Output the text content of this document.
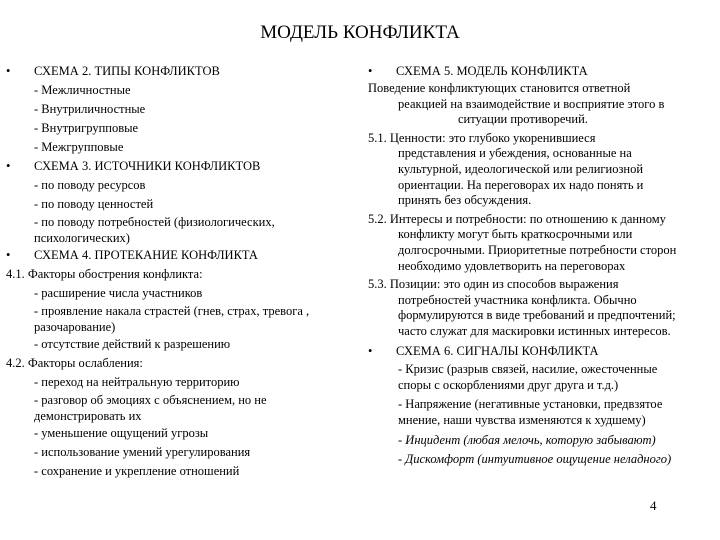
МОДЕЛЬ КОНФЛИКТА
• СХЕМА 2. ТИПЫ КОНФЛИКТОВ
- Межличностные
- Внутриличностные
- Внутригрупповые
- Межгрупповые
• СХЕМА 3. ИСТОЧНИКИ КОНФЛИКТОВ
- по поводу ресурсов
- по поводу ценностей
- по поводу потребностей (физиологических,
психологических)
• СХЕМА 4. ПРОТЕКАНИЕ КОНФЛИКТА
4.1. Факторы обострения конфликта:
- расширение числа участников
- проявление накала страстей (гнев, страх, тревога ,
разочарование)
- отсутствие действий к разрешению
4.2. Факторы ослабления:
- переход на нейтральную территорию
- разговор об эмоциях с объяснением, но не
демонстрировать их
- уменьшение ощущений угрозы
- использование умений урегулирования
- сохранение и укрепление отношений
• СХЕМА 5. МОДЕЛЬ КОНФЛИКТА
Поведение конфликтующих становится ответной
реакцией на взаимодействие и восприятие этого в
ситуации противоречий.
5.1. Ценности: это глубоко укоренившиеся
представления и убеждения, основанные на
культурной, идеологической или религиозной
ориентации. На переговорах их надо понять и
принять без обсуждения.
5.2. Интересы и потребности: по отношению к данному
конфликту могут быть краткосрочными или
долгосрочными. Приоритетные потребности сторон
необходимо удовлетворить на переговорах
5.3. Позиции: это один из способов выражения
потребностей участника конфликта. Обычно
формулируются в виде требований и предпочтений;
часто служат для маскировки истинных интересов.
• СХЕМА 6. СИГНАЛЫ КОНФЛИКТА
- Кризис (разрыв связей, насилие, ожесточенные
споры с оскорблениями друг друга и т.д.)
- Напряжение (негативные установки, предвзятое
мнение, наши чувства изменяются к худшему)
- Инцидент (любая мелочь, которую забывают)
- Дискомфорт (интуитивное ощущение неладного)
4
